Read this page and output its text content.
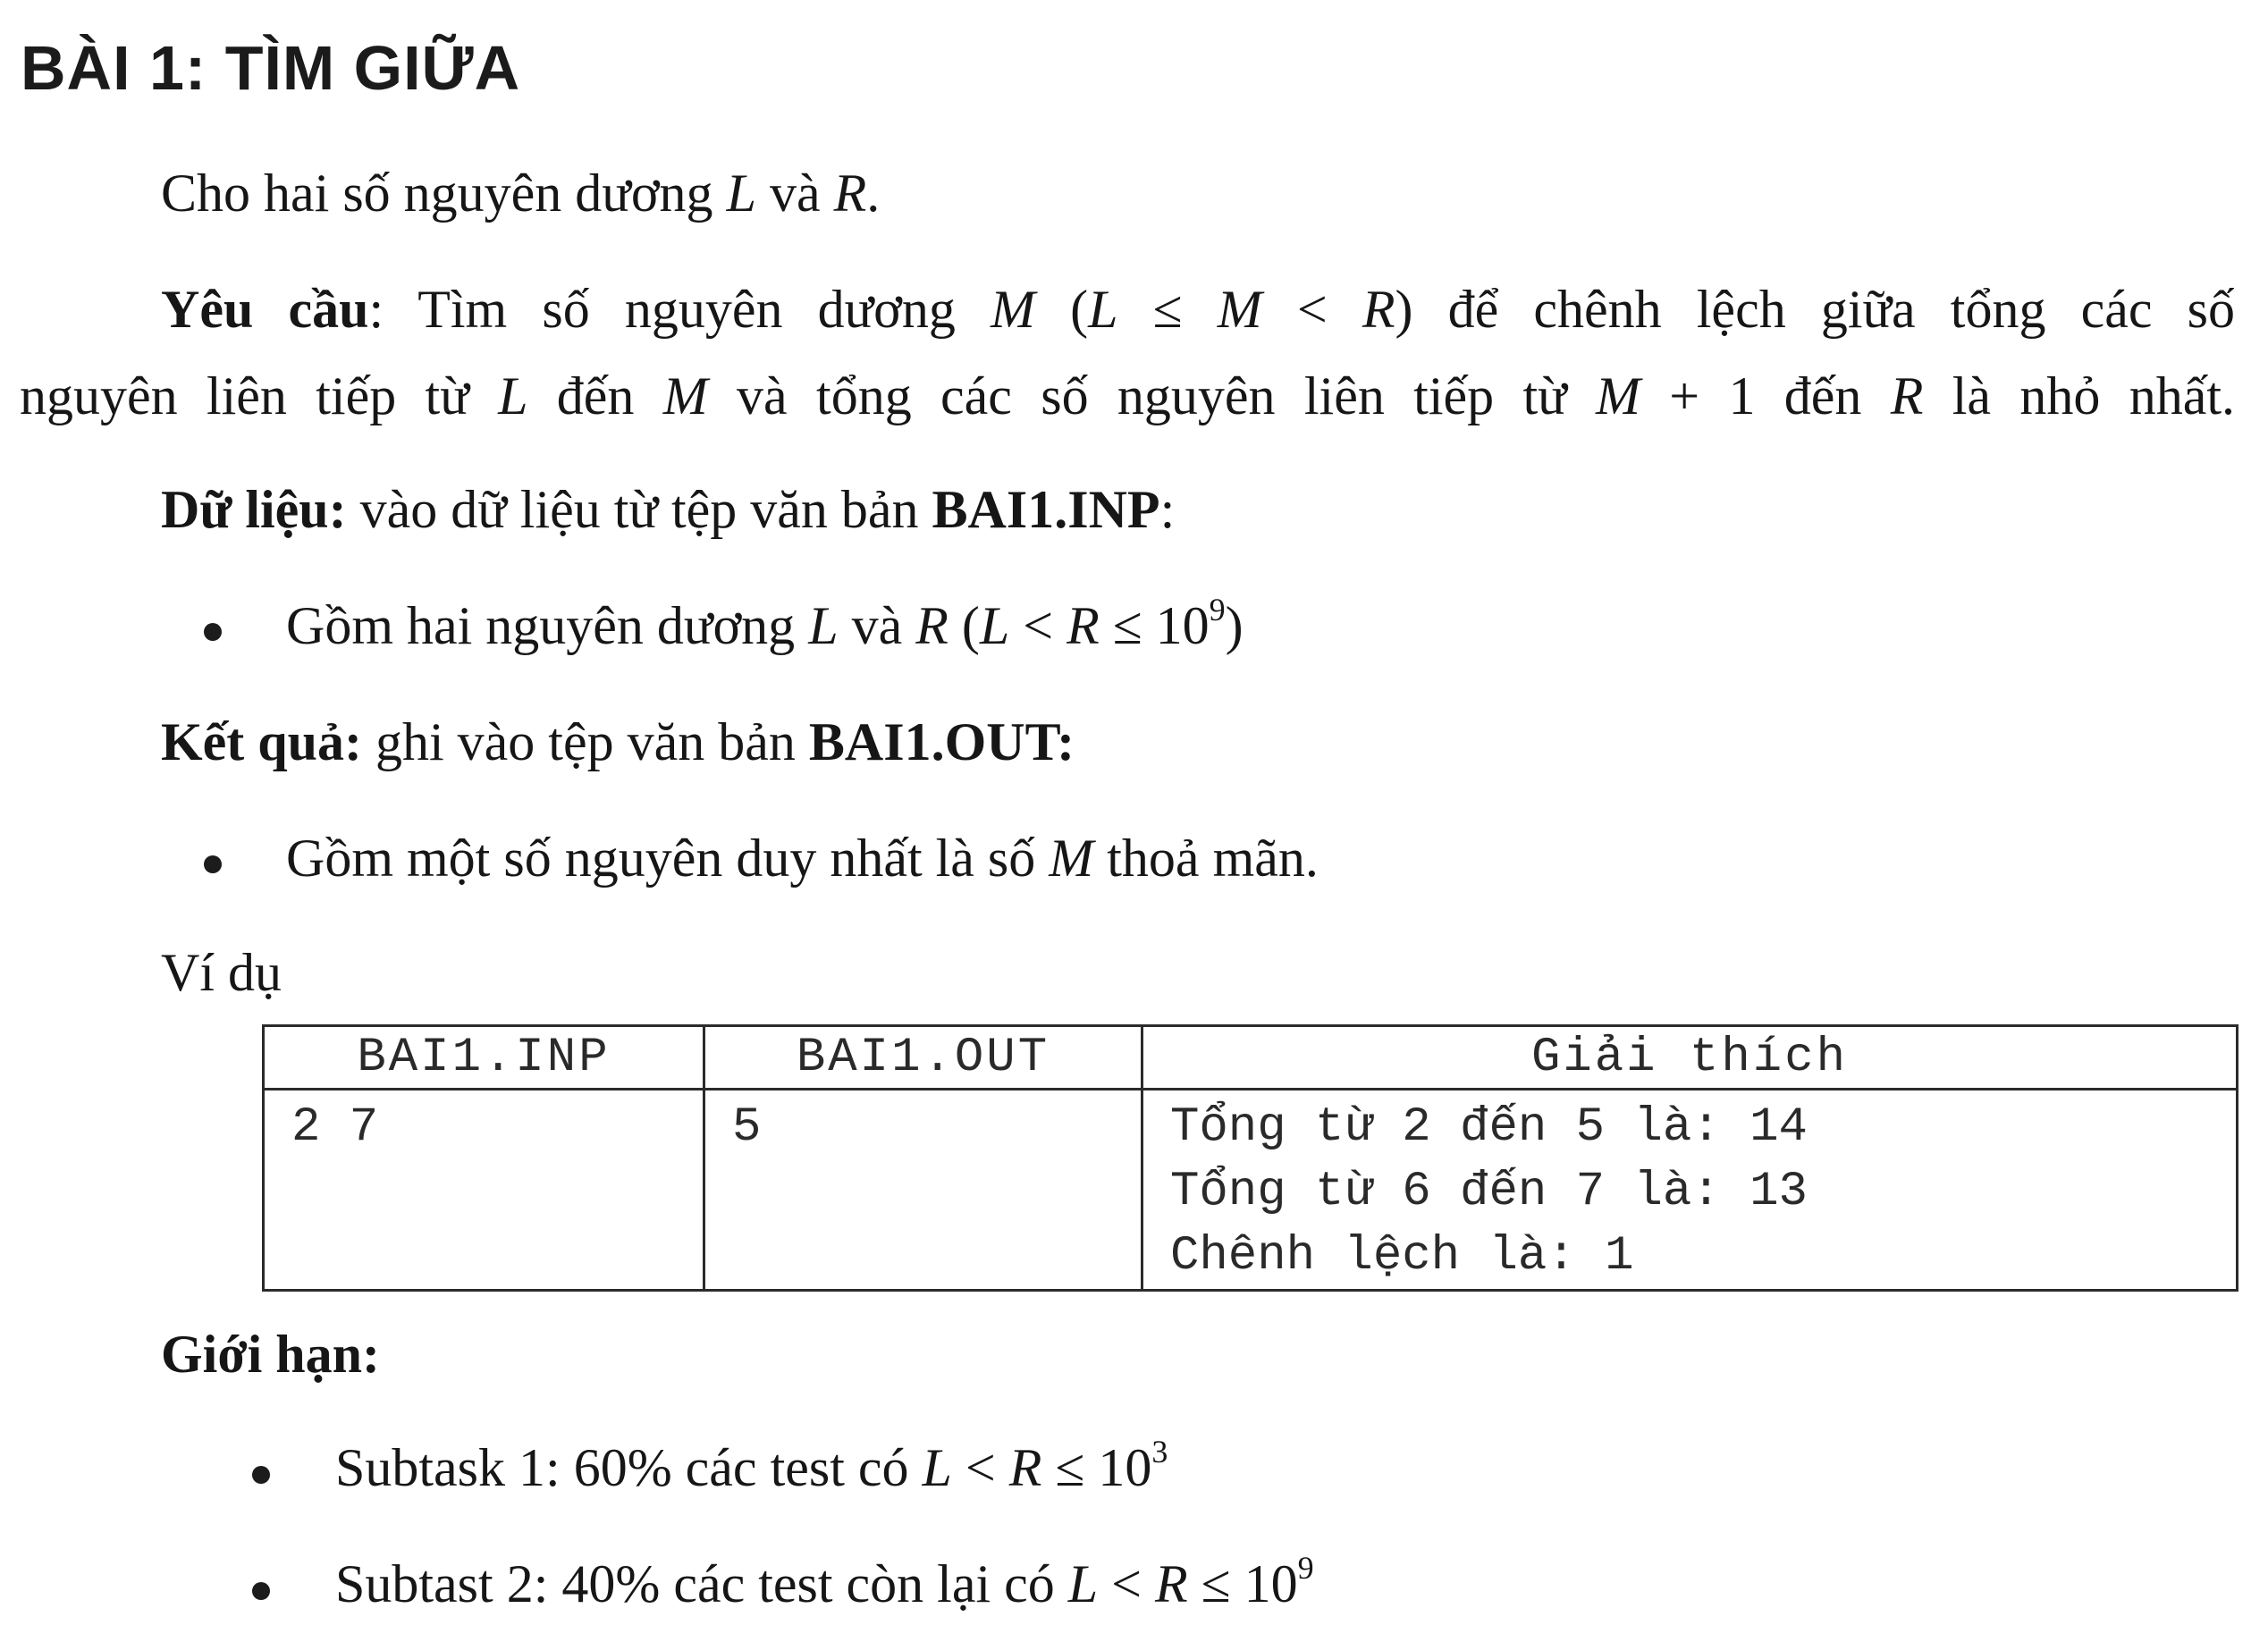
BÀI 1: TÌM GIỮA
Cho hai số nguyên dương L và R.
Yêu cầu: Tìm số nguyên dương M (L ≤ M < R) để chênh lệch giữa tổng các số
nguyên liên tiếp từ L đến M và tổng các số nguyên liên tiếp từ M + 1 đến R là nhỏ nhất.
Dữ liệu: vào dữ liệu từ tệp văn bản BAI1.INP:
Gồm hai nguyên dương L và R $(L < R \le 10^9)$
Kết quả: ghi vào tệp văn bản BAI1.OUT:
Gồm một số nguyên duy nhất là số M thoả mãn.
Ví dụ
BAI1.INP	BAI1.OUT	Giải thích

2 7	5	Tổng từ 2 đến 5 là: 14
Tổng từ 6 đến 7 là: 13
Chênh lệch là: 1
Giới hạn:
Subtask 1: 60% các test có $L < R \le 10^3$
Subtast 2: 40% các test còn lại có $L < R \le 10^9$
